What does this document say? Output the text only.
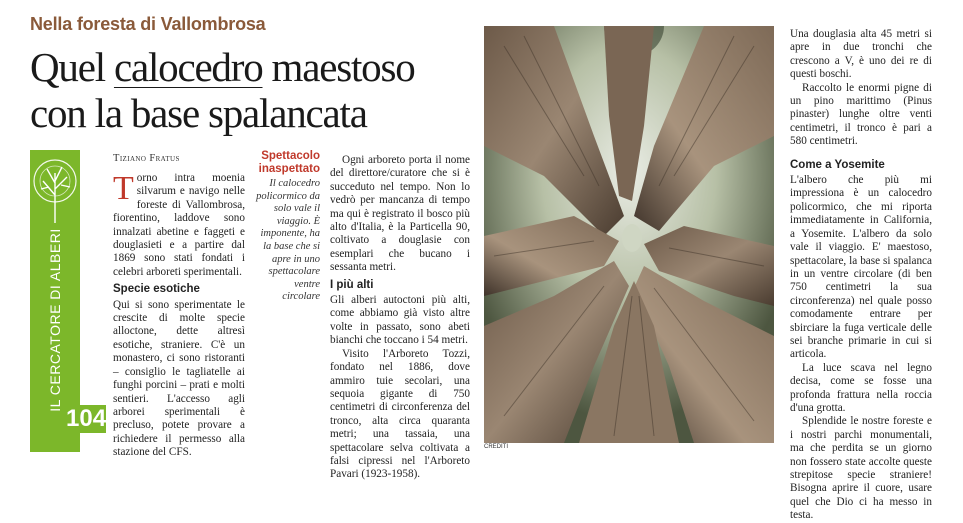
Nella foresta di Vallombrosa
Quel calocedro maestoso
con la base spalancata
IL CERCATORE DI ALBERI
104
Tiziano Fratus

Torno intra moenia silvarum e navigo nelle foreste di Vallombrosa, fiorentino, laddove sono innalzati abetine e faggeti e douglasieti e a partire dal 1869 sono stati fondati i celebri arboreti sperimentali.

Specie esotiche

Qui si sono sperimentate le crescite di molte specie alloctone, dette altresì esotiche, straniere. C'è un monastero, ci sono ristoranti – consiglio le tagliatelle ai funghi porcini – prati e molti sentieri. L'accesso agli arborei sperimentali è precluso, potete provare a richiedere il permesso alla stazione del CFS.

Spettacolo inaspettato
Il calocedro policormico da solo vale il viaggio. È imponente, ha la base che si apre in uno spettacolare ventre circolare

Ogni arboreto porta il nome del direttore/curatore che si è succeduto nel tempo. Non lo vedrò per mancanza di tempo ma qui è registrato il bosco più alto d'Italia, è la Particella 90, coltivato a douglasie con esemplari che bucano i sessanta metri.

I più alti

Gli alberi autoctoni più alti, come abbiamo già visto altre volte in passato, sono abeti bianchi che toccano i 54 metri.

Visito l'Arboreto Tozzi, fondato nel 1886, dove ammiro tuie secolari, una sequoia gigante di 750 centimetri di circonferenza del tronco, alta circa quaranta metri; una tassaia, una spettacolare selva coltivata a falsi cipressi nel l'Arboreto Pavari (1923-1958).

CREDITI

Una douglasia alta 45 metri si apre in due tronchi che crescono a V, è uno dei re di questi boschi.

Raccolto le enormi pigne di un pino marittimo (Pinus pinaster) lunghe oltre venti centimetri, il tronco è pari a 580 centimetri.

Come a Yosemite

L'albero che più mi impressiona è un calocedro policormico, che mi riporta immediatamente in California, a Yosemite. L'albero da solo vale il viaggio. E' maestoso, spettacolare, la base si spalanca in un ventre circolare (di ben 750 centimetri la sua circonferenza) nel quale posso comodamente entrare per sbirciare la fuga verticale delle sei branche primarie in cui si articola.

La luce scava nel legno decisa, come se fosse una profonda frattura nella roccia d'una grotta.

Splendide le nostre foreste e i nostri parchi monumentali, ma che perdita se un giorno non fossero state accolte queste strepitose specie straniere! Bisogna aprire il cuore, usare quel che Dio ci ha messo in testa.
